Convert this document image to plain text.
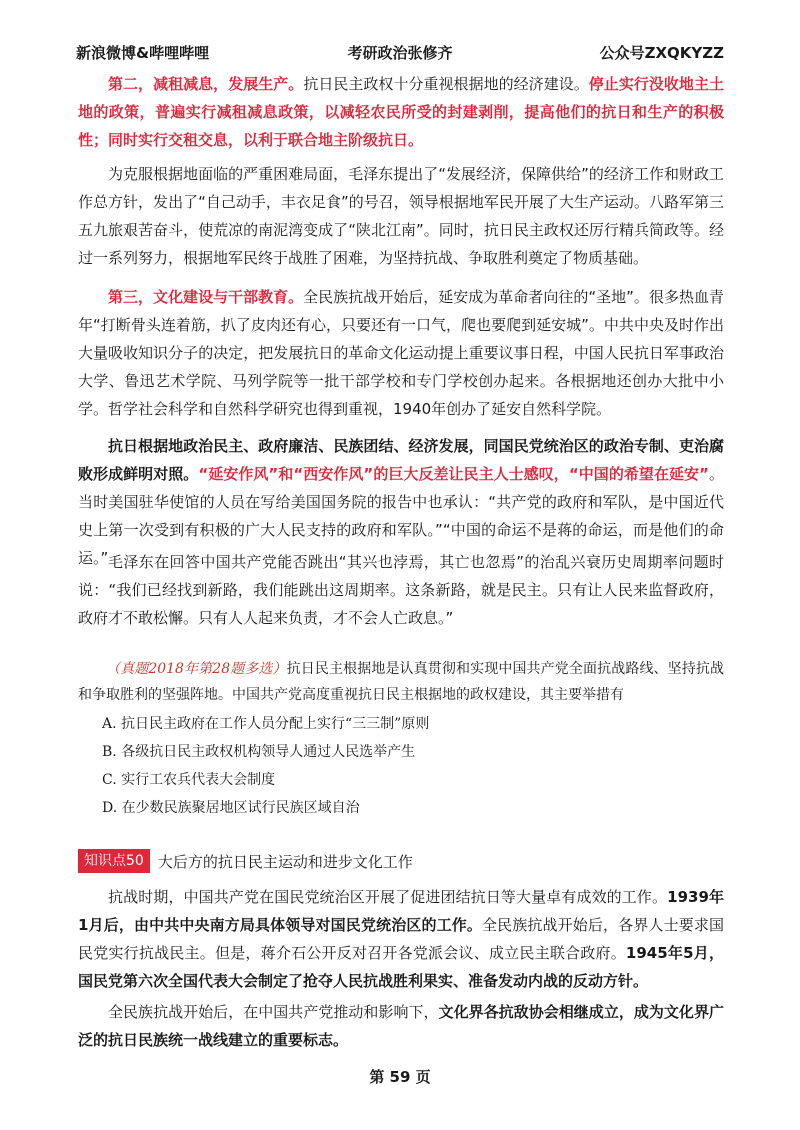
新浪微博&哔哩哔哩	考研政治张修齐	公众号ZXQKYZZ

第二，减租减息，发展生产。抗日民主政权十分重视根据地的经济建设。停止实行没收地主土地的政策，普遍实行减租减息政策，以减轻农民所受的封建剥削，提高他们的抗日和生产的积极性；同时实行交租交息，以利于联合地主阶级抗日。

为克服根据地面临的严重困难局面，毛泽东提出了“发展经济，保障供给”的经济工作和财政工作总方针，发出了“自己动手，丰衣足食”的号召，领导根据地军民开展了大生产运动。八路军第三五九旅艰苦奋斗，使荒凉的南泥湾变成了“陕北江南”。同时，抗日民主政权还厉行精兵简政等。经过一系列努力，根据地军民终于战胜了困难，为坚持抗战、争取胜利奠定了物质基础。

第三，文化建设与干部教育。全民族抗战开始后，延安成为革命者向往的“圣地”。很多热血青年“打断骨头连着筋，扒了皮肉还有心，只要还有一口气，爬也要爬到延安城”。中共中央及时作出大量吸收知识分子的决定，把发展抗日的革命文化运动提上重要议事日程，中国人民抗日军事政治大学、鲁迅艺术学院、马列学院等一批干部学校和专门学校创办起来。各根据地还创办大批中小学。哲学社会科学和自然科学研究也得到重视，1940年创办了延安自然科学院。

抗日根据地政治民主、政府廉洁、民族团结、经济发展，同国民党统治区的政治专制、吏治腐败形成鲜明对照。“延安作风”和“西安作风”的巨大反差让民主人士感叹，“中国的希望在延安”。当时美国驻华使馆的人员在写给美国国务院的报告中也承认：“共产党的政府和军队，是中国近代史上第一次受到有积极的广大人民支持的政府和军队。”“中国的命运不是蒋的命运，而是他们的命运。” 毛泽东在回答中国共产党能否跳出“其兴也浡焉，其亡也忽焉”的治乱兴衰历史周期率问题时说：“我们已经找到新路，我们能跳出这周期率。这条新路，就是民主。只有让人民来监督政府，政府才不敢松懈。只有人人起来负责，才不会人亡政息。”

（真题2018年第28题多选）抗日民主根据地是认真贯彻和实现中国共产党全面抗战路线、坚持抗战和争取胜利的坚强阵地。中国共产党高度重视抗日民主根据地的政权建设，其主要举措有

A. 抗日民主政府在工作人员分配上实行“三三制”原则
B. 各级抗日民主政权机构领导人通过人民选举产生
C. 实行工农兵代表大会制度
D. 在少数民族聚居地区试行民族区域自治
知识点50 大后方的抗日民主运动和进步文化工作

抗战时期，中国共产党在国民党统治区开展了促进团结抗日等大量卓有成效的工作。1939年1月后，由中共中央南方局具体领导对国民党统治区的工作。全民族抗战开始后，各界人士要求国民党实行抗战民主。但是，蒋介石公开反对召开各党派会议、成立民主联合政府。1945年5月，国民党第六次全国代表大会制定了抢夺人民抗战胜利果实、准备发动内战的反动方针。

全民族抗战开始后，在中国共产党推动和影响下，文化界各抗敌协会相继成立，成为文化界广泛的抗日民族统一战线建立的重要标志。

第 59 页
